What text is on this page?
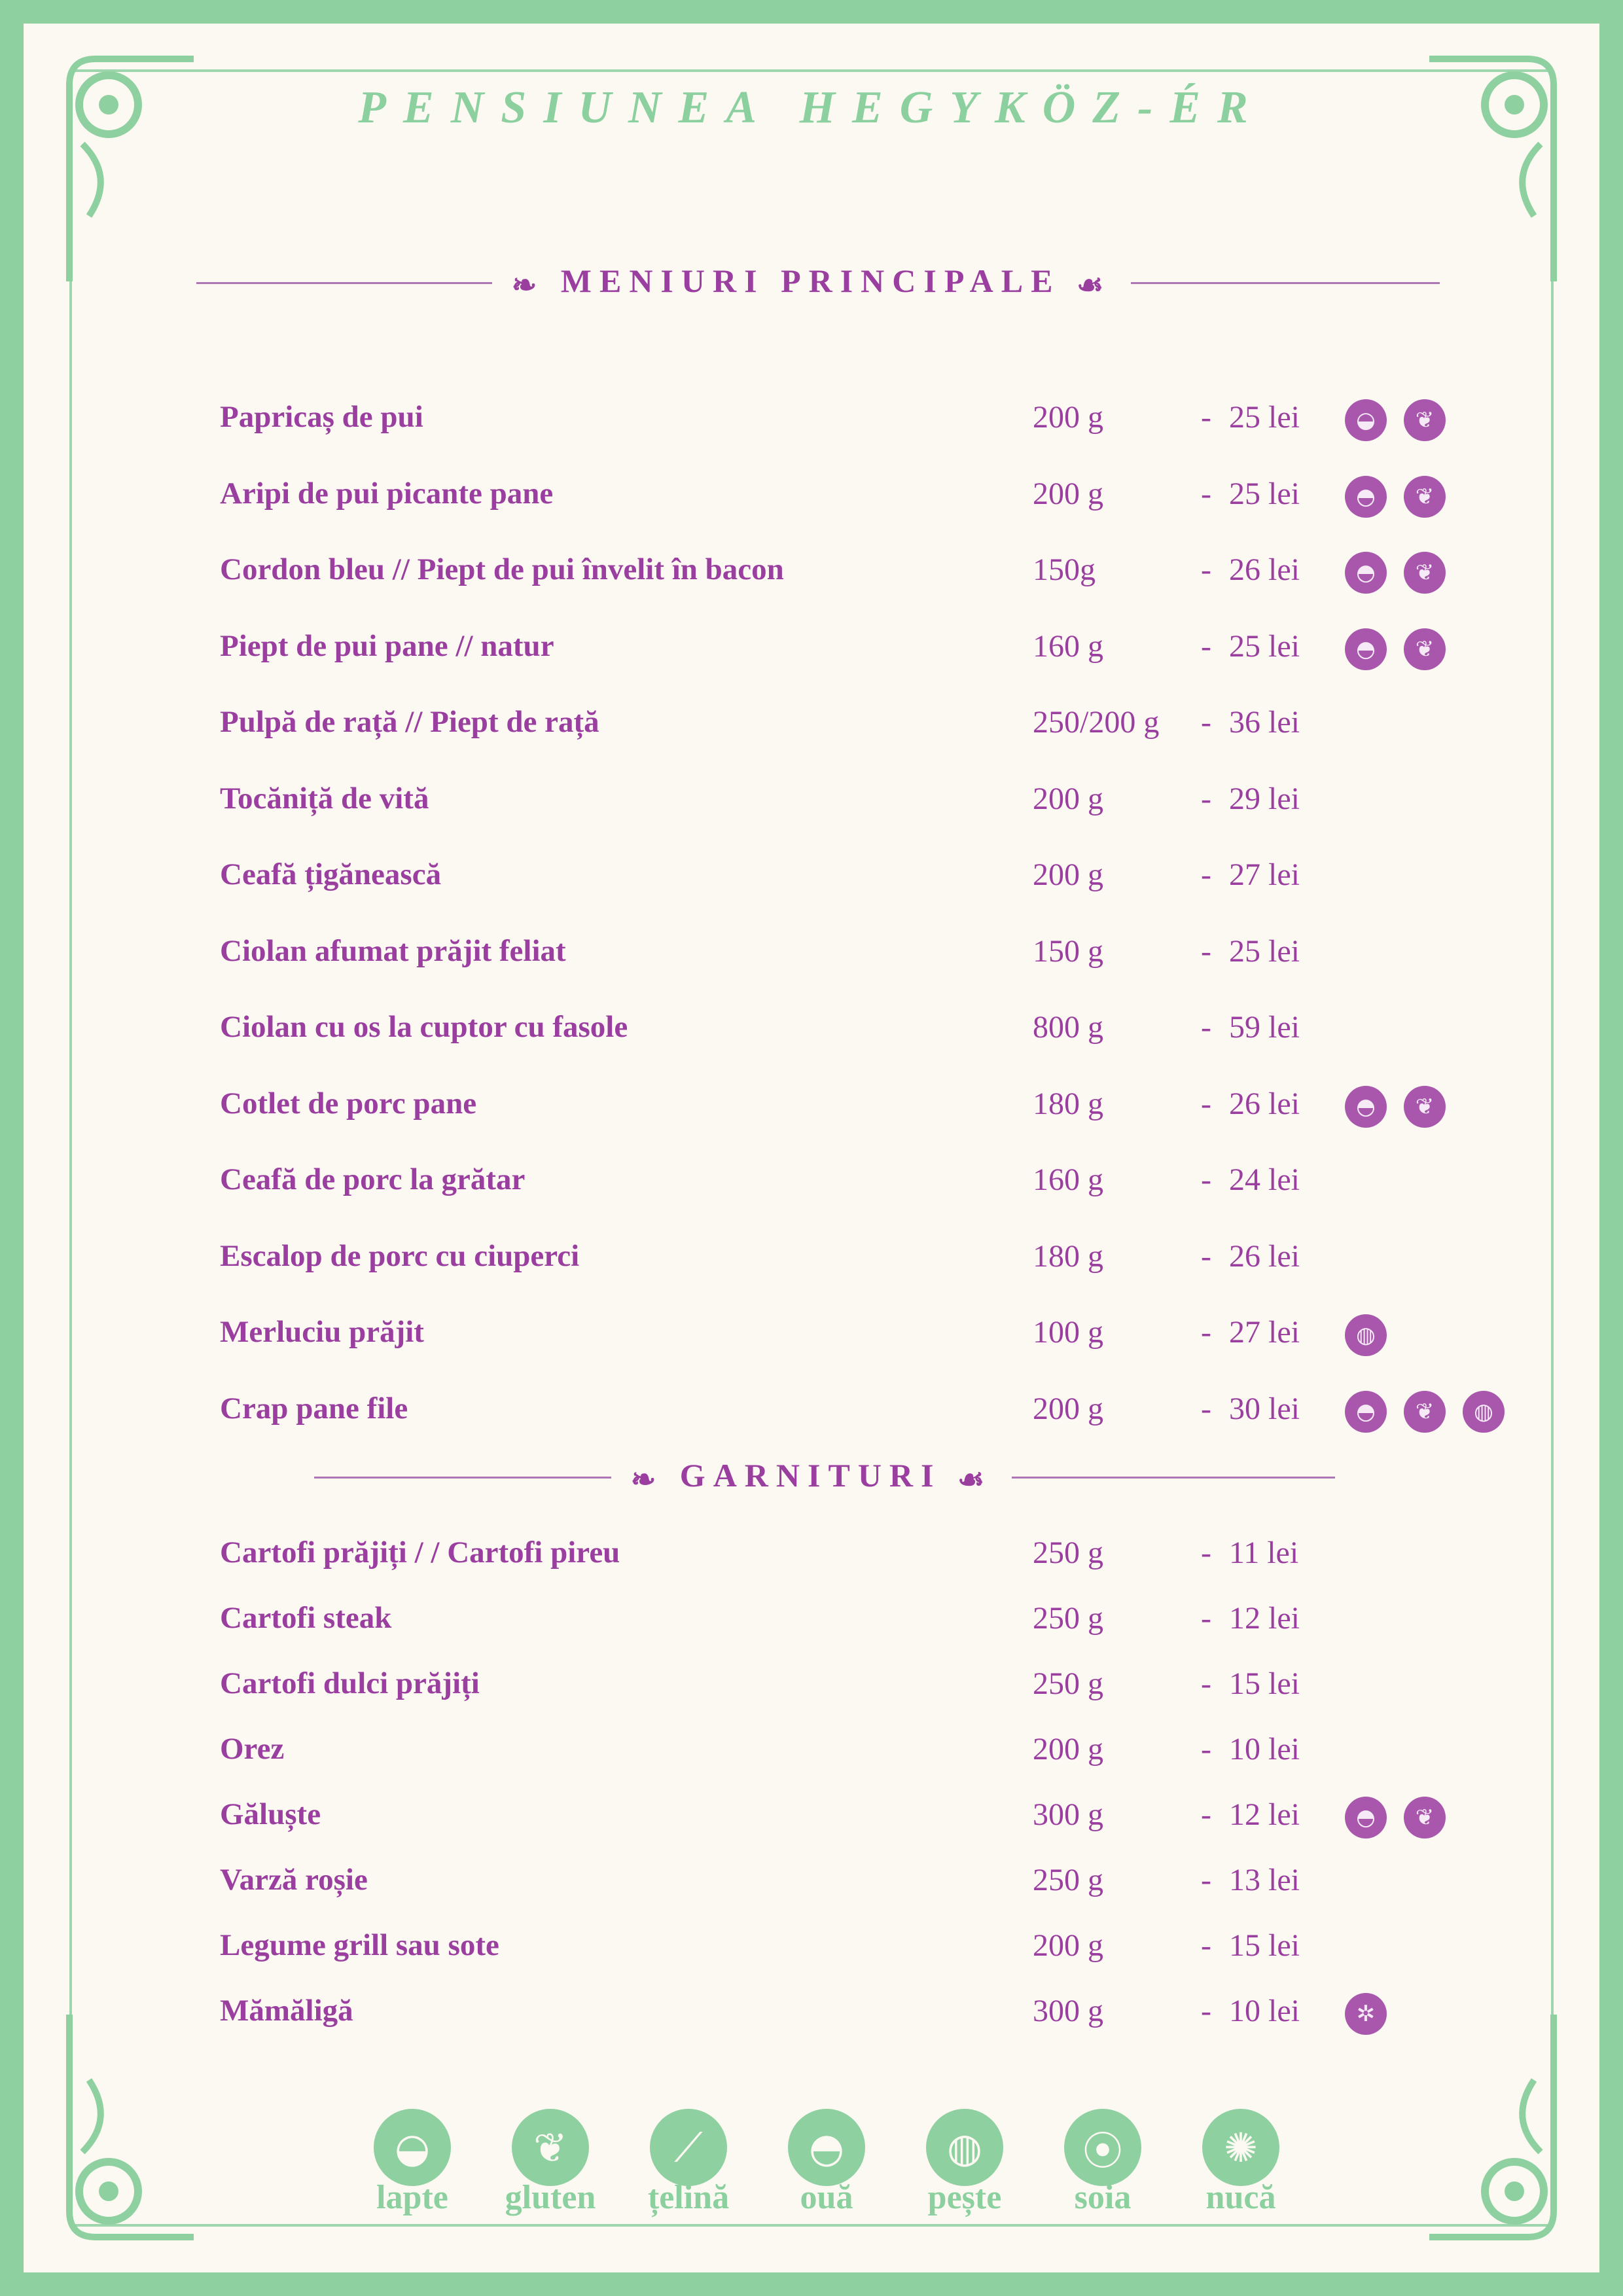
PENSIUNEA HEGYKÖZ-ÉR
❧ MENIURI PRINCIPALE ☙
Papricaș de pui	200 g	- 25 lei	◒	❦
Aripi de pui picante pane	200 g	- 25 lei	◓	❦
Cordon bleu // Piept de pui învelit în bacon	150g	- 26 lei	◓	❦
Piept de pui pane // natur	160 g	- 25 lei	◓	❦
Pulpă de rață // Piept de rață	250/200 g - 36 lei
Tocăniță de vită	200 g	- 29 lei
Ceafă țigănească	200 g	- 27 lei
Ciolan afumat prăjit feliat	150 g	- 25 lei
Ciolan cu os la cuptor cu fasole	800 g	- 59 lei
Cotlet de porc pane	180 g	- 26 lei	◓	❦
Ceafă de porc la grătar	160 g	- 24 lei
Escalop de porc cu ciuperci	180 g	- 26 lei
Merluciu prăjit	100 g	- 27 lei	◍
Crap pane file	200 g	- 30 lei	◓	❦	◍
❧ GARNITURI ☙
Cartofi prăjiți / / Cartofi pireu	250 g	- 11 lei
Cartofi steak	250 g	- 12 lei
Cartofi dulci prăjiți	250 g	- 15 lei
Orez	200 g	- 10 lei
Găluște	300 g	- 12 lei	◓	❦
Varză roșie	250 g	- 13 lei
Legume grill sau sote	200 g	- 15 lei
Mămăligă	300 g	- 10 lei	✲
◒
lapte
❦
gluten
⟋
țelină
◓
ouă
◍
pește
⦿
soia
✺
nucă
